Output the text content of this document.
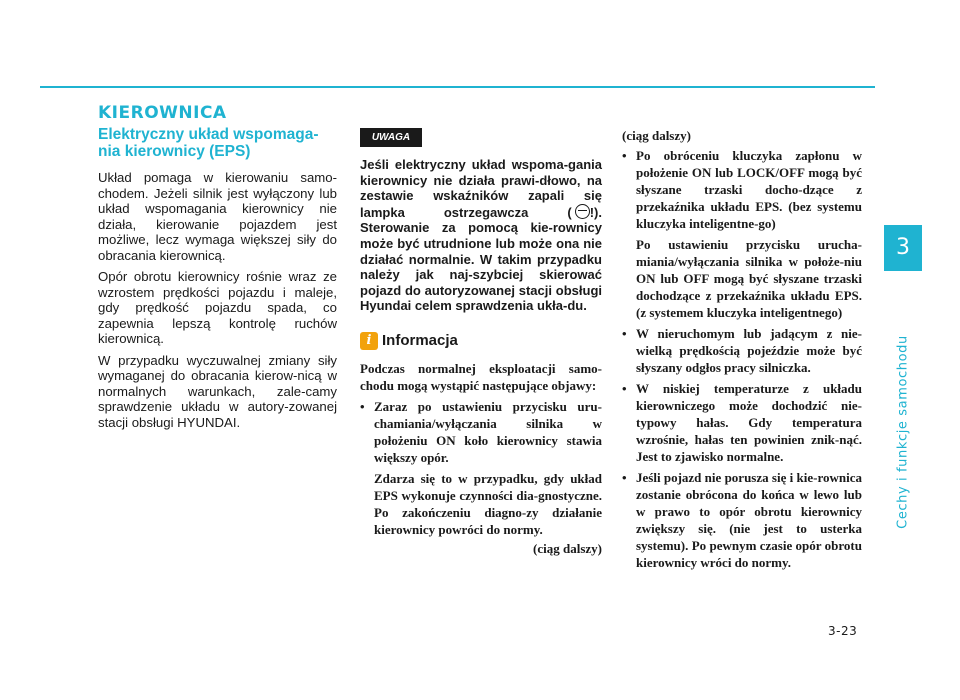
KIEROWNICA
3
Cechy i funkcje samochodu
Elektryczny układ wspomaga-nia kierownicy (EPS)

Układ pomaga w kierowaniu samo-chodem. Jeżeli silnik jest wyłączony lub układ wspomagania kierownicy nie działa, kierowanie pojazdem jest możliwe, lecz wymaga większej siły do obracania kierownicą.

Opór obrotu kierownicy rośnie wraz ze wzrostem prędkości pojazdu i maleje, gdy prędkość pojazdu spada, co zapewnia lepszą kontrolę ruchów kierownicą.

W przypadku wyczuwalnej zmiany siły wymaganej do obracania kierow-nicą w normalnych warunkach, zale-camy sprawdzenie układu w autory-zowanej stacji obsługi HYUNDAI.

UWAGA
Jeśli elektryczny układ wspoma-gania kierownicy nie działa prawi-dłowo, na zestawie wskaźników zapali się lampka ostrzegawcza ( !). Sterowanie za pomocą kie-rownicy może być utrudnione lub może ona nie działać normalnie. W takim przypadku należy jak naj-szybciej skierować pojazd do autoryzowanej stacji obsługi Hyundai celem sprawdzenia ukła-du.
i Informacja
Podczas normalnej eksploatacji samo-chodu mogą wystąpić następujące objawy:
• Zaraz po ustawieniu przycisku uru-chamiania/wyłączania silnika w położeniu ON koło kierownicy stawia większy opór.
Zdarza się to w przypadku, gdy układ EPS wykonuje czynności dia-gnostyczne. Po zakończeniu diagno-zy działanie kierownicy powróci do normy.
(ciąg dalszy)
(ciąg dalszy)
• Po obróceniu kluczyka zapłonu w położenie ON lub LOCK/OFF mogą być słyszane trzaski docho-dzące z przekaźnika układu EPS. (bez systemu kluczyka inteligentne-go)
Po ustawieniu przycisku urucha-miania/wyłączania silnika w położe-niu ON lub OFF mogą być słyszane trzaski dochodzące z przekaźnika układu EPS. (z systemem kluczyka inteligentnego)
• W nieruchomym lub jadącym z nie-wielką prędkością pojeździe może być słyszany odgłos pracy silniczka.
• W niskiej temperaturze z układu kierowniczego może dochodzić nie-typowy hałas. Gdy temperatura wzrośnie, hałas ten powinien znik-nąć. Jest to zjawisko normalne.
• Jeśli pojazd nie porusza się i kie-rownica zostanie obrócona do końca w lewo lub w prawo to opór obrotu kierownicy zwiększy się. (nie jest to usterka systemu). Po pewnym czasie opór obrotu kierownicy wróci do normy.
3-23
